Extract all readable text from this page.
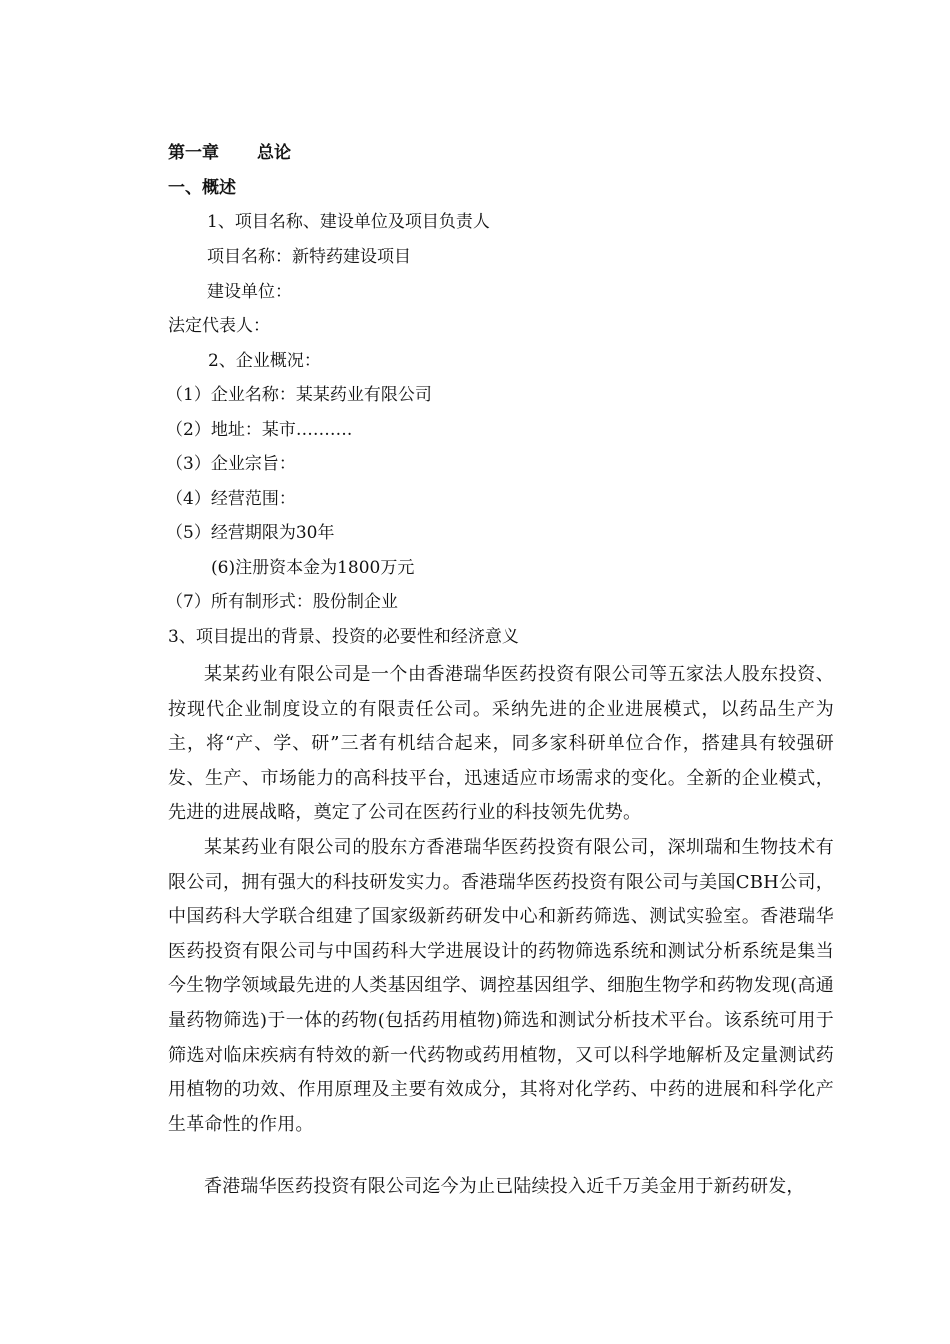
第一章 总论
一、概述
1、项目名称、建设单位及项目负责人
项目名称：新特药建设项目
建设单位：
法定代表人：
2、企业概况：
（1）企业名称：某某药业有限公司
（2）地址：某市……….
（3）企业宗旨：
（4）经营范围：
（5）经营期限为30年
(6)注册资本金为1800万元
（7）所有制形式：股份制企业
3、项目提出的背景、投资的必要性和经济意义
某某药业有限公司是一个由香港瑞华医药投资有限公司等五家法人股东投资、按现代企业制度设立的有限责任公司。采纳先进的企业进展模式，以药品生产为主，将“产、学、研”三者有机结合起来，同多家科研单位合作，搭建具有较强研发、生产、市场能力的高科技平台，迅速适应市场需求的变化。全新的企业模式，先进的进展战略，奠定了公司在医药行业的科技领先优势。
某某药业有限公司的股东方香港瑞华医药投资有限公司，深圳瑞和生物技术有限公司，拥有强大的科技研发实力。香港瑞华医药投资有限公司与美国CBH公司，中国药科大学联合组建了国家级新药研发中心和新药筛选、测试实验室。香港瑞华医药投资有限公司与中国药科大学进展设计的药物筛选系统和测试分析系统是集当今生物学领域最先进的人类基因组学、调控基因组学、细胞生物学和药物发现(高通量药物筛选)于一体的药物(包括药用植物)筛选和测试分析技术平台。该系统可用于筛选对临床疾病有特效的新一代药物或药用植物，又可以科学地解析及定量测试药用植物的功效、作用原理及主要有效成分，其将对化学药、中药的进展和科学化产生革命性的作用。
香港瑞华医药投资有限公司迄今为止已陆续投入近千万美金用于新药研发，
